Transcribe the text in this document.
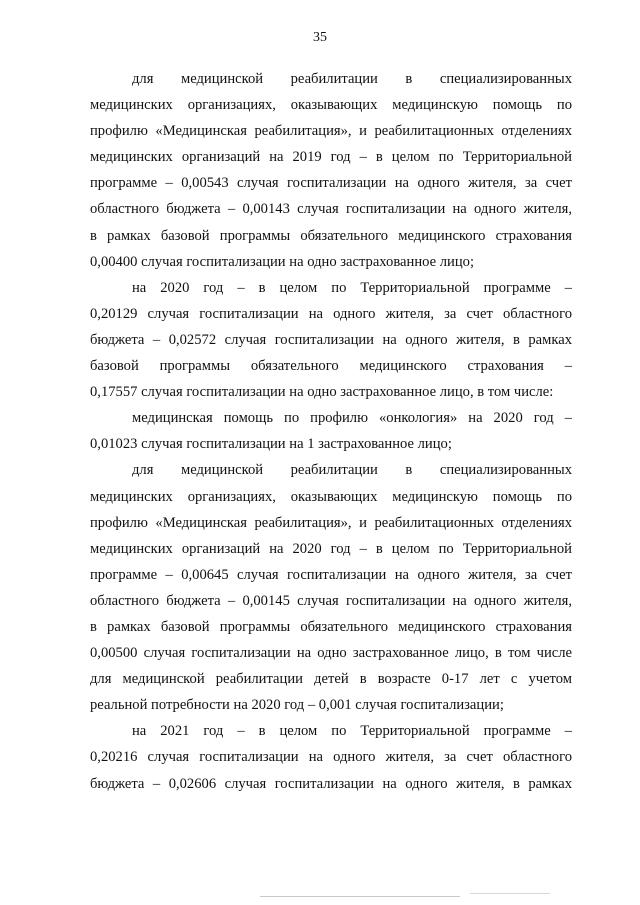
35

для медицинской реабилитации в специализированных
медицинских организациях, оказывающих медицинскую помощь по
профилю «Медицинская реабилитация», и реабилитационных отделениях
медицинских организаций на 2019 год – в целом по Территориальной
программе – 0,00543 случая госпитализации на одного жителя, за счет
областного бюджета – 0,00143 случая госпитализации на одного жителя,
в рамках базовой программы обязательного медицинского страхования
0,00400 случая госпитализации на одно застрахованное лицо;

на 2020 год – в целом по Территориальной программе –
0,20129 случая госпитализации на одного жителя, за счет областного
бюджета – 0,02572 случая госпитализации на одного жителя, в рамках
базовой программы обязательного медицинского страхования –
0,17557 случая госпитализации на одно застрахованное лицо, в том числе:

медицинская помощь по профилю «онкология» на 2020 год –
0,01023 случая госпитализации на 1 застрахованное лицо;

для медицинской реабилитации в специализированных
медицинских организациях, оказывающих медицинскую помощь по
профилю «Медицинская реабилитация», и реабилитационных отделениях
медицинских организаций на 2020 год – в целом по Территориальной
программе – 0,00645 случая госпитализации на одного жителя, за счет
областного бюджета – 0,00145 случая госпитализации на одного жителя,
в рамках базовой программы обязательного медицинского страхования
0,00500 случая госпитализации на одно застрахованное лицо, в том числе
для медицинской реабилитации детей в возрасте 0-17 лет с учетом
реальной потребности на 2020 год – 0,001 случая госпитализации;

на 2021 год – в целом по Территориальной программе –
0,20216 случая госпитализации на одного жителя, за счет областного
бюджета – 0,02606 случая госпитализации на одного жителя, в рамках
